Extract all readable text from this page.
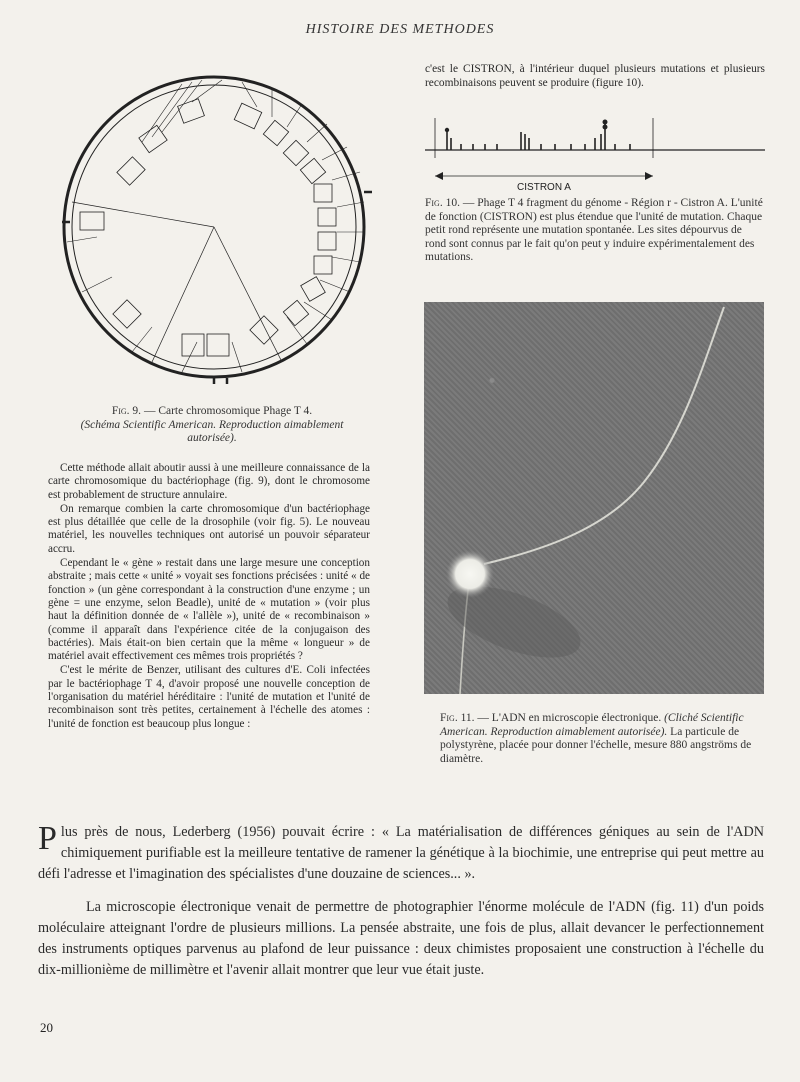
HISTOIRE DES METHODES
Fig. 9. — Carte chromosomique Phage T 4.
(Schéma Scientific American. Reproduction aimablement autorisée).

Cette méthode allait aboutir aussi à une meilleure connaissance de la carte chromosomique du bactériophage (fig. 9), dont le chromosome est probablement de structure annulaire.

On remarque combien la carte chromosomique d'un bactériophage est plus détaillée que celle de la drosophile (voir fig. 5). Le nouveau matériel, les nouvelles techniques ont autorisé un pouvoir séparateur accru.

Cependant le « gène » restait dans une large mesure une conception abstraite ; mais cette « unité » voyait ses fonctions précisées : unité « de fonction » (un gène correspondant à la construction d'une enzyme ; un gène = une enzyme, selon Beadle), unité de « mutation » (voir plus haut la définition donnée de « l'allèle »), unité de « recombinaison » (comme il apparaît dans l'expérience citée de la conjugaison des bactéries). Mais était-on bien certain que la même « longueur » de matériel avait effectivement ces mêmes trois propriétés ?

C'est le mérite de Benzer, utilisant des cultures d'E. Coli infectées par le bactériophage T 4, d'avoir proposé une nouvelle conception de l'organisation du matériel héréditaire : l'unité de mutation et l'unité de recombinaison sont très petites, certainement à l'échelle des atomes : l'unité de fonction est beaucoup plus longue :

c'est le CISTRON, à l'intérieur duquel plusieurs mutations et plusieurs recombinaisons peuvent se produire (figure 10).
CISTRON A
Fig. 10. — Phage T 4 fragment du génome - Région r - Cistron A. L'unité de fonction (CISTRON) est plus étendue que l'unité de mutation. Chaque petit rond représente une mutation spontanée. Les sites dépourvus de rond sont connus par le fait qu'on peut y induire expérimentalement des mutations.
Fig. 11. — L'ADN en microscopie électronique. (Cliché Scientific American. Reproduction aimablement autorisée). La particule de polystyrène, placée pour donner l'échelle, mesure 880 angströms de diamètre.

Plus près de nous, Lederberg (1956) pouvait écrire : « La matérialisation de différences géniques au sein de l'ADN chimiquement purifiable est la meilleure tentative de ramener la génétique à la biochimie, une entreprise qui peut mettre au défi l'adresse et l'imagination des spécialistes d'une douzaine de sciences... ».

La microscopie électronique venait de permettre de photographier l'énorme molécule de l'ADN (fig. 11) d'un poids moléculaire atteignant l'ordre de plusieurs millions. La pensée abstraite, une fois de plus, allait devancer le perfectionnement des instruments optiques parvenus au plafond de leur puissance : deux chimistes proposaient une construction à l'échelle du dix-millionième de millimètre et l'avenir allait montrer que leur vue était juste.

20
